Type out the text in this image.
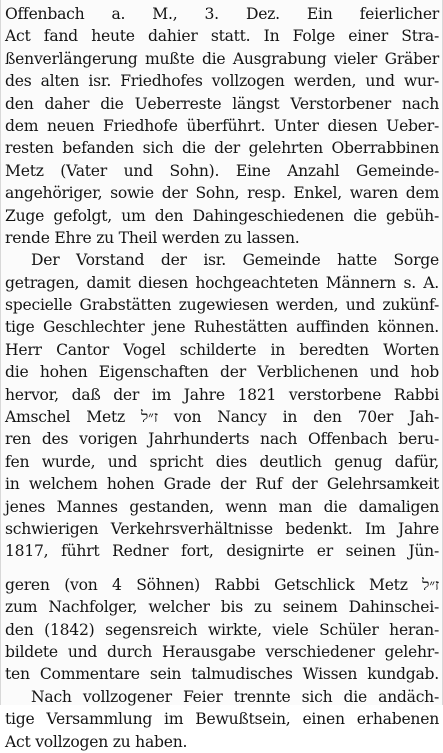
Offenbach a. M., 3. Dez. Ein feierlicher
Act fand heute dahier statt. In Folge einer Stra-
ßenverlängerung mußte die Ausgrabung vieler Gräber
des alten isr. Friedhofes vollzogen werden, und wur-
den daher die Ueberreste längst Verstorbener nach
dem neuen Friedhofe überführt. Unter diesen Ueber-
resten befanden sich die der gelehrten Oberrabbinen
Metz (Vater und Sohn). Eine Anzahl Gemeinde-
angehöriger, sowie der Sohn, resp. Enkel, waren dem
Zuge gefolgt, um den Dahingeschiedenen die gebüh-
rende Ehre zu Theil werden zu lassen.
Der Vorstand der isr. Gemeinde hatte Sorge
getragen, damit diesen hochgeachteten Männern s. A.
specielle Grabstätten zugewiesen werden, und zukünf-
tige Geschlechter jene Ruhestätten auffinden können.
Herr Cantor Vogel schilderte in beredten Worten
die hohen Eigenschaften der Verblichenen und hob
hervor, daß der im Jahre 1821 verstorbene Rabbi
Amschel Metz ז״ל von Nancy in den 70er Jah-
ren des vorigen Jahrhunderts nach Offenbach beru-
fen wurde, und spricht dies deutlich genug dafür,
in welchem hohen Grade der Ruf der Gelehrsamkeit
jenes Mannes gestanden, wenn man die damaligen
schwierigen Verkehrsverhältnisse bedenkt. Im Jahre
1817, führt Redner fort, designirte er seinen Jün-
geren (von 4 Söhnen) Rabbi Getschlick Metz ז״ל
zum Nachfolger, welcher bis zu seinem Dahinschei-
den (1842) segensreich wirkte, viele Schüler heran-
bildete und durch Herausgabe verschiedener gelehr-
ten Commentare sein talmudisches Wissen kundgab.
Nach vollzogener Feier trennte sich die andäch-
tige Versammlung im Bewußtsein, einen erhabenen
Act vollzogen zu haben.
